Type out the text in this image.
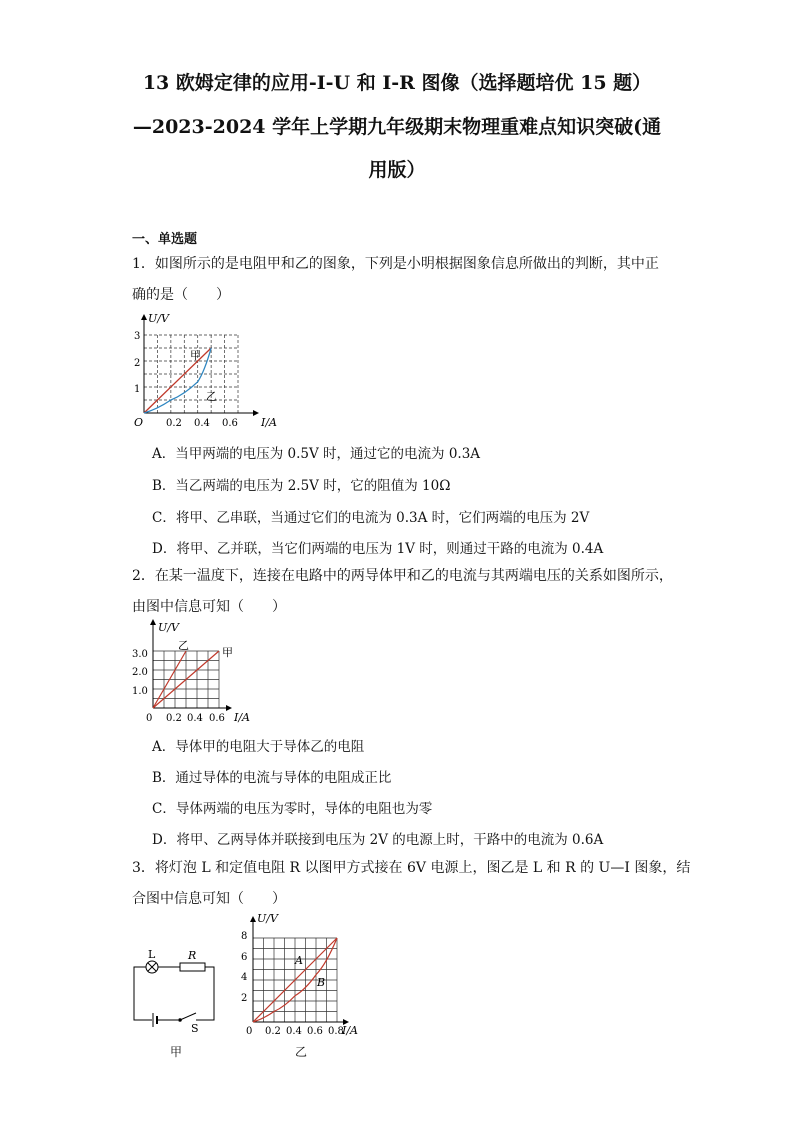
13 欧姆定律的应用-I-U 和 I-R 图像（选择题培优 15 题）
—2023-2024 学年上学期九年级期末物理重难点知识突破(通
用版）
一、单选题
1．如图所示的是电阻甲和乙的图象，下列是小明根据图象信息所做出的判断，其中正
确的是（　　）
U/V
I/A
O 0.2 0.4 0.6
1
2
3
甲
乙
A．当甲两端的电压为 0.5V 时，通过它的电流为 0.3A
B．当乙两端的电压为 2.5V 时，它的阻值为 10Ω
C．将甲、乙串联，当通过它们的电流为 0.3A 时，它们两端的电压为 2V
D．将甲、乙并联，当它们两端的电压为 1V 时，则通过干路的电流为 0.4A
2．在某一温度下，连接在电路中的两导体甲和乙的电流与其两端电压的关系如图所示，
由图中信息可知（　　）
U/V
I/A
0 0.2 0.4 0.6
1.0
2.0
3.0
乙
甲
A．导体甲的电阻大于导体乙的电阻
B．通过导体的电流与导体的电阻成正比
C．导体两端的电压为零时，导体的电阻也为零
D．将甲、乙两导体并联接到电压为 2V 的电源上时，干路中的电流为 0.6A
3．将灯泡 L 和定值电阻 R 以图甲方式接在 6V 电源上，图乙是 L 和 R 的 U—I 图象，结
合图中信息可知（　　）
L	R
S
甲
U/V
I/A
0 0.2 0.4 0.6 0.8
2
4
6
8
A
B
乙
